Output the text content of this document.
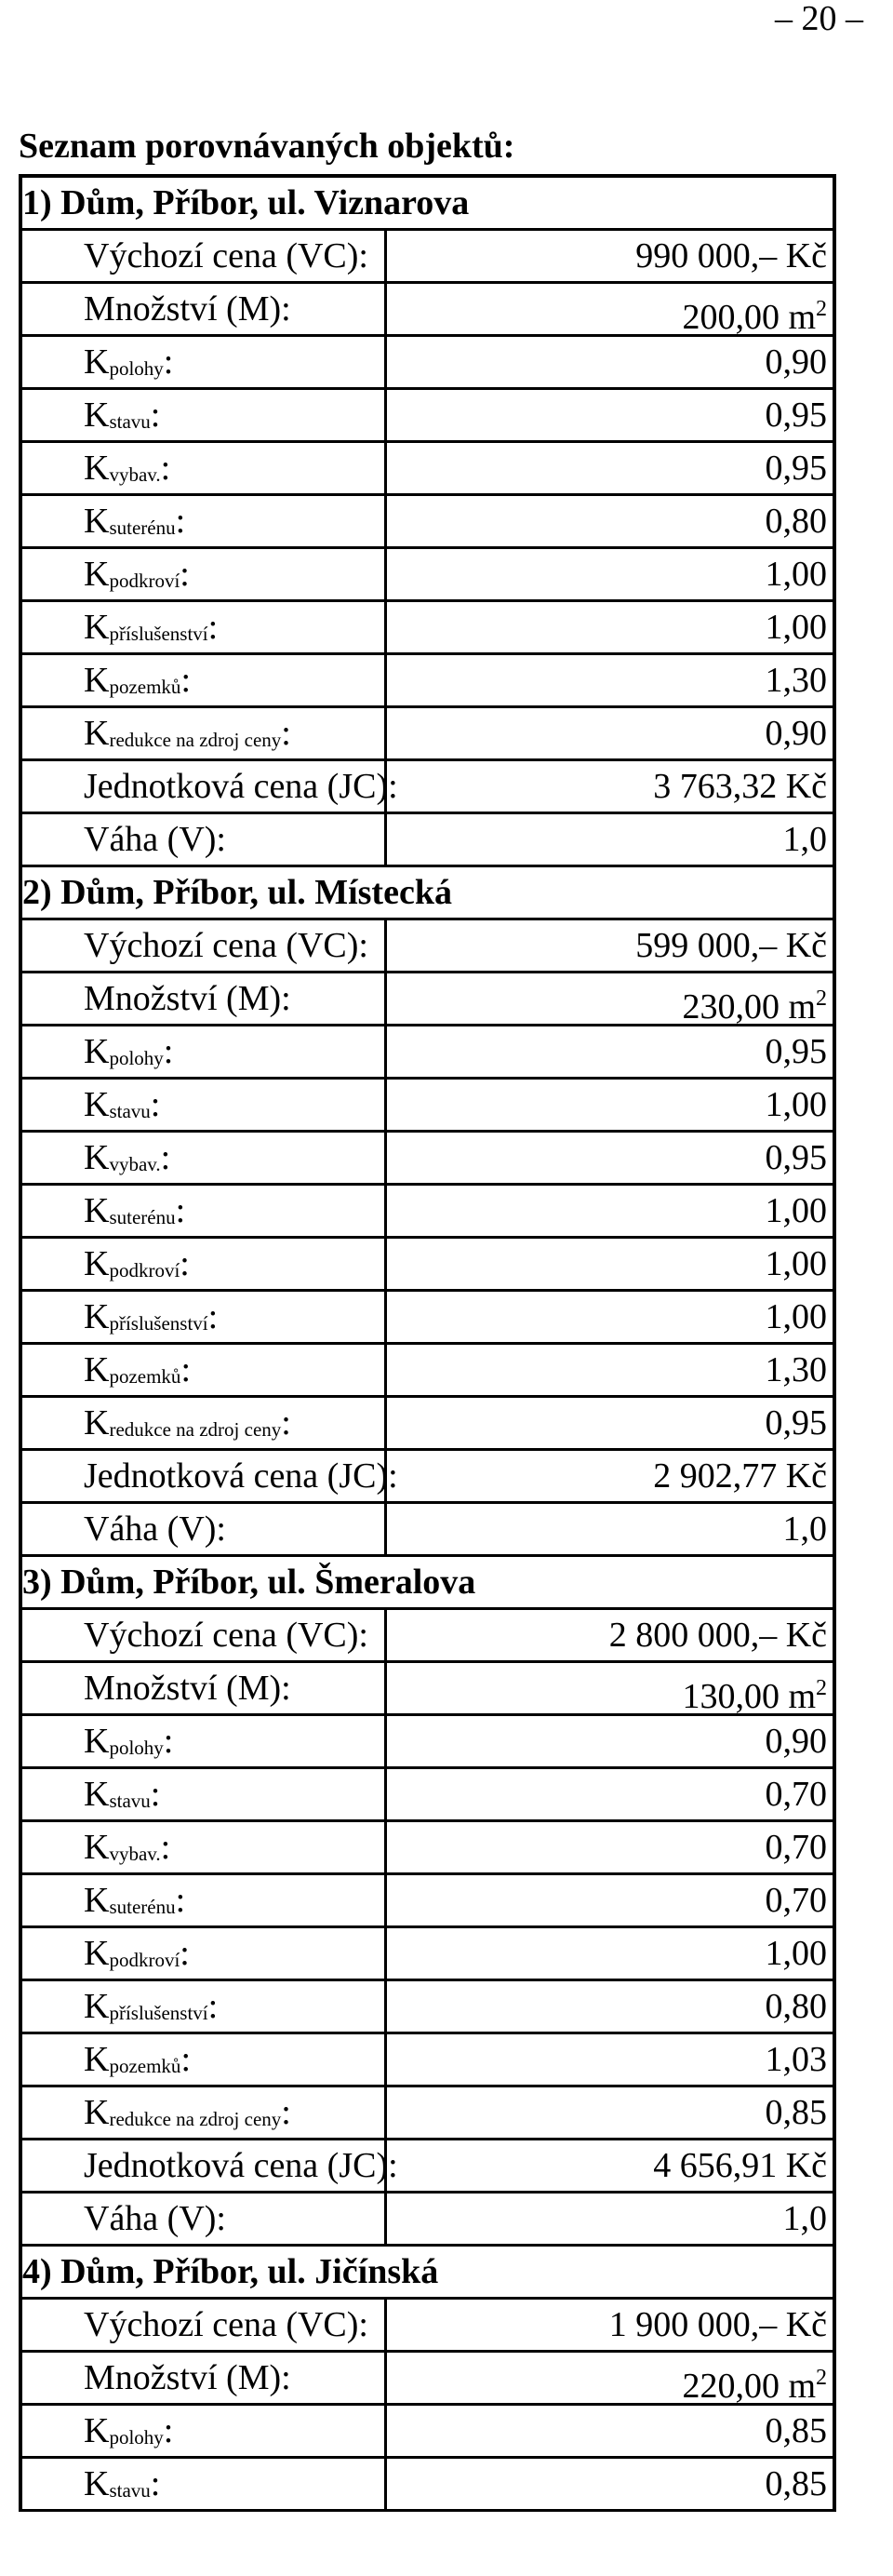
– 20 –
Seznam porovnávaných objektů:
1) Dům, Příbor, ul. Viznarova
Výchozí cena (VC):	990 000,– Kč
Množství (M):	200,00 $m^2$
Kpolohy:	0,90
Kstavu:	0,95
Kvybav.:	0,95
Ksuterénu:	0,80
Kpodkroví:	1,00
Kpříslušenství:	1,00
Kpozemků:	1,30
Kredukce na zdroj ceny:	0,90
Jednotková cena (JC):	3 763,32 Kč
Váha (V):	1,0
2) Dům, Příbor, ul. Místecká
Výchozí cena (VC):	599 000,– Kč
Množství (M):	230,00 $m^2$
Kpolohy:	0,95
Kstavu:	1,00
Kvybav.:	0,95
Ksuterénu:	1,00
Kpodkroví:	1,00
Kpříslušenství:	1,00
Kpozemků:	1,30
Kredukce na zdroj ceny:	0,95
Jednotková cena (JC):	2 902,77 Kč
Váha (V):	1,0
3) Dům, Příbor, ul. Šmeralova
Výchozí cena (VC):	2 800 000,– Kč
Množství (M):	130,00 $m^2$
Kpolohy:	0,90
Kstavu:	0,70
Kvybav.:	0,70
Ksuterénu:	0,70
Kpodkroví:	1,00
Kpříslušenství:	0,80
Kpozemků:	1,03
Kredukce na zdroj ceny:	0,85
Jednotková cena (JC):	4 656,91 Kč
Váha (V):	1,0
4) Dům, Příbor, ul. Jičínská
Výchozí cena (VC):	1 900 000,– Kč
Množství (M):	220,00 $m^2$
Kpolohy:	0,85
Kstavu:	0,85
